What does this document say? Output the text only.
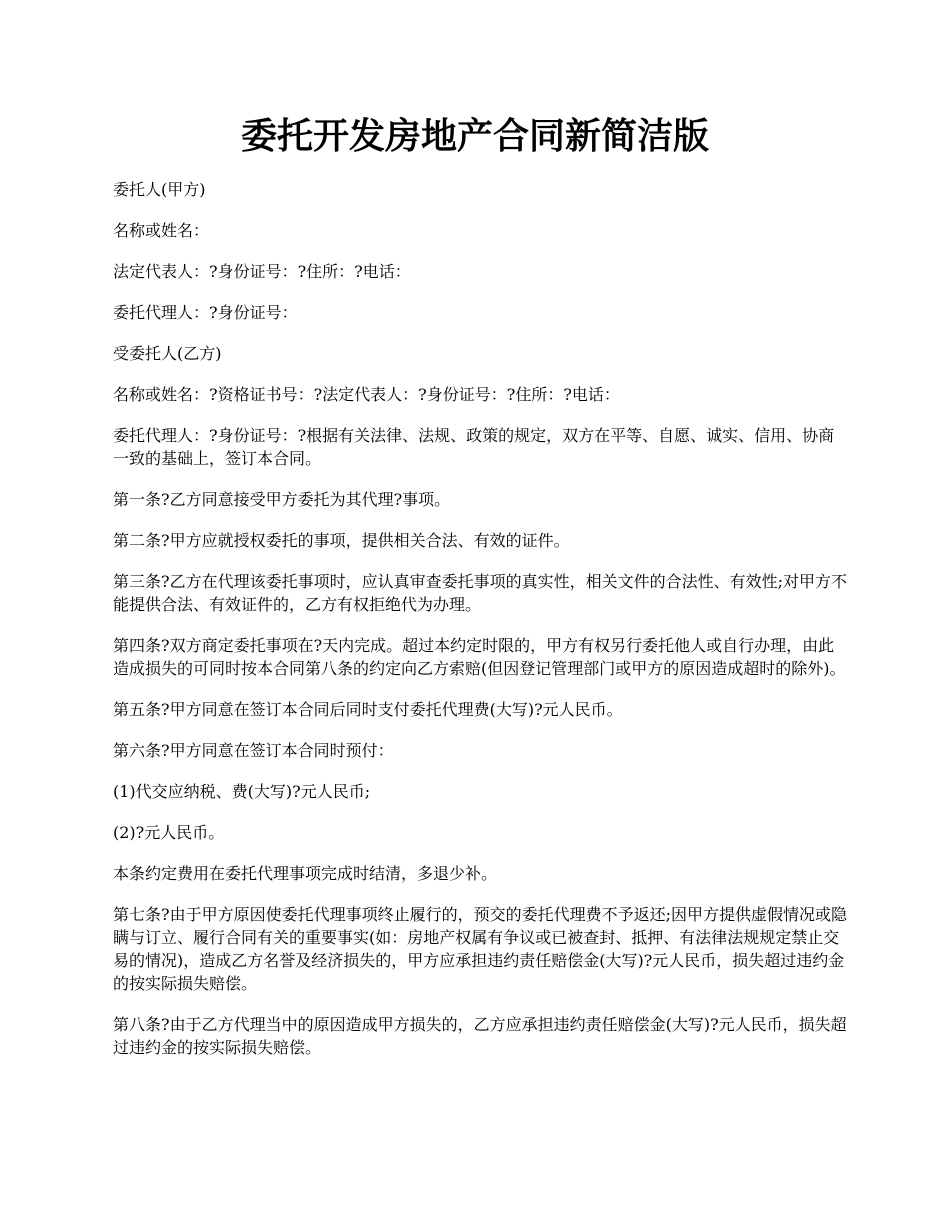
委托开发房地产合同新简洁版

委托人(甲方)

名称或姓名：

法定代表人：?身份证号：?住所：?电话：

委托代理人：?身份证号：

受委托人(乙方)

名称或姓名：?资格证书号：?法定代表人：?身份证号：?住所：?电话：

委托代理人：?身份证号：?根据有关法律、法规、政策的规定，双方在平等、自愿、诚实、信用、协商一致的基础上，签订本合同。

第一条?乙方同意接受甲方委托为其代理?事项。

第二条?甲方应就授权委托的事项，提供相关合法、有效的证件。

第三条?乙方在代理该委托事项时，应认真审查委托事项的真实性，相关文件的合法性、有效性;对甲方不能提供合法、有效证件的，乙方有权拒绝代为办理。

第四条?双方商定委托事项在?天内完成。超过本约定时限的，甲方有权另行委托他人或自行办理，由此造成损失的可同时按本合同第八条的约定向乙方索赔(但因登记管理部门或甲方的原因造成超时的除外)。

第五条?甲方同意在签订本合同后同时支付委托代理费(大写)?元人民币。

第六条?甲方同意在签订本合同时预付：

(1)代交应纳税、费(大写)?元人民币;

(2)?元人民币。

本条约定费用在委托代理事项完成时结清，多退少补。

第七条?由于甲方原因使委托代理事项终止履行的，预交的委托代理费不予返还;因甲方提供虚假情况或隐瞒与订立、履行合同有关的重要事实(如：房地产权属有争议或已被查封、抵押、有法律法规规定禁止交易的情况)，造成乙方名誉及经济损失的，甲方应承担违约责任赔偿金(大写)?元人民币，损失超过违约金的按实际损失赔偿。

第八条?由于乙方代理当中的原因造成甲方损失的，乙方应承担违约责任赔偿金(大写)?元人民币，损失超过违约金的按实际损失赔偿。
